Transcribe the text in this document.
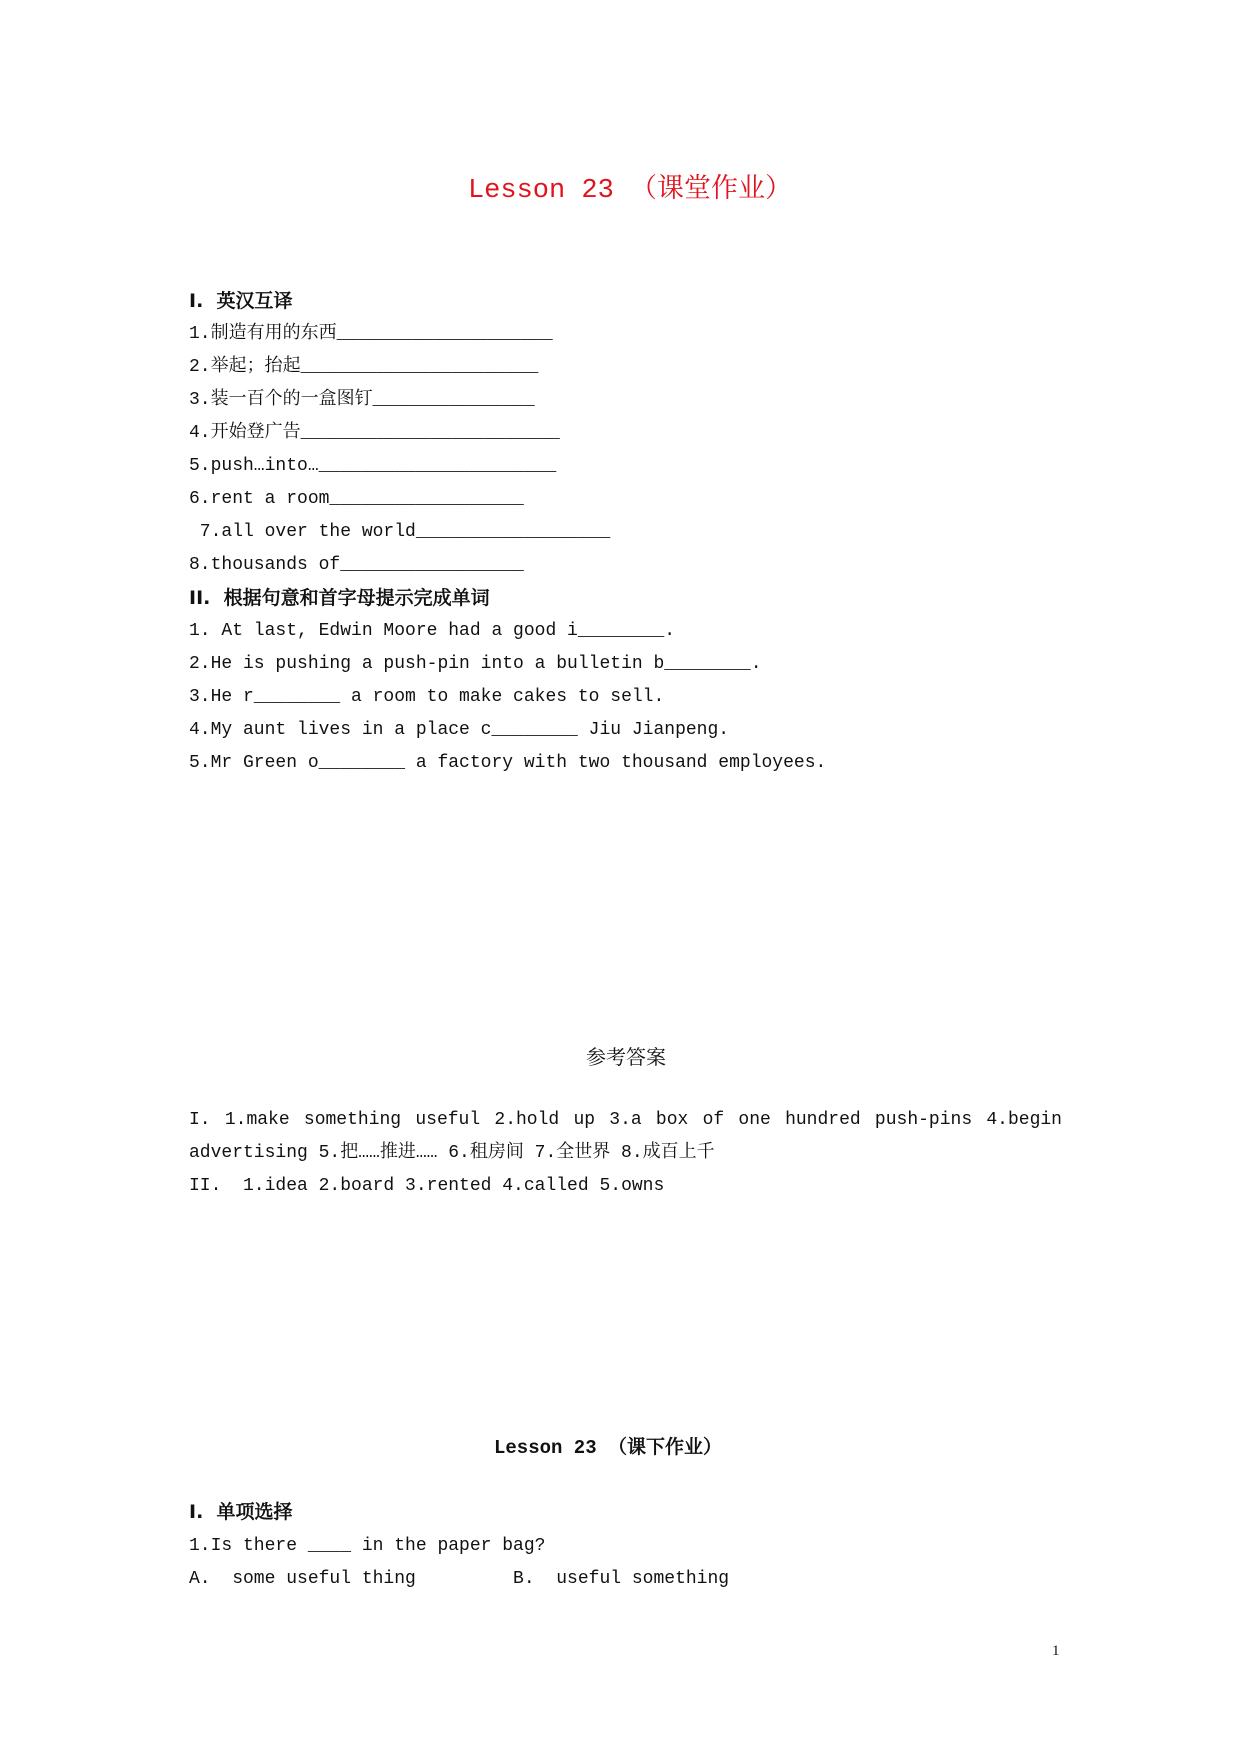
Lesson 23 （课堂作业）
I.  英汉互译
1.制造有用的东西____________________
2.举起；抬起______________________
3.装一百个的一盒图钉_______________
4.开始登广告________________________
5.push…into…______________________
6.rent a room__________________
7.all over the world__________________
8.thousands of_________________
II.  根据句意和首字母提示完成单词
1. At last, Edwin Moore had a good i________.
2.He is pushing a push-pin into a bulletin b________.
3.He r________ a room to make cakes to sell.
4.My aunt lives in a place c________ Jiu Jianpeng.
5.Mr Green o________ a factory with two thousand employees.
参考答案
I. 1.make something useful 2.hold up 3.a box of one hundred push-pins 4.begin advertising 5.把……推进…… 6.租房间 7.全世界 8.成百上千
II.  1.idea 2.board 3.rented 4.called 5.owns
Lesson 23 （课下作业）
I.  单项选择
1.Is there ____ in the paper bag?
A.  some useful thing         B.  useful something
1
